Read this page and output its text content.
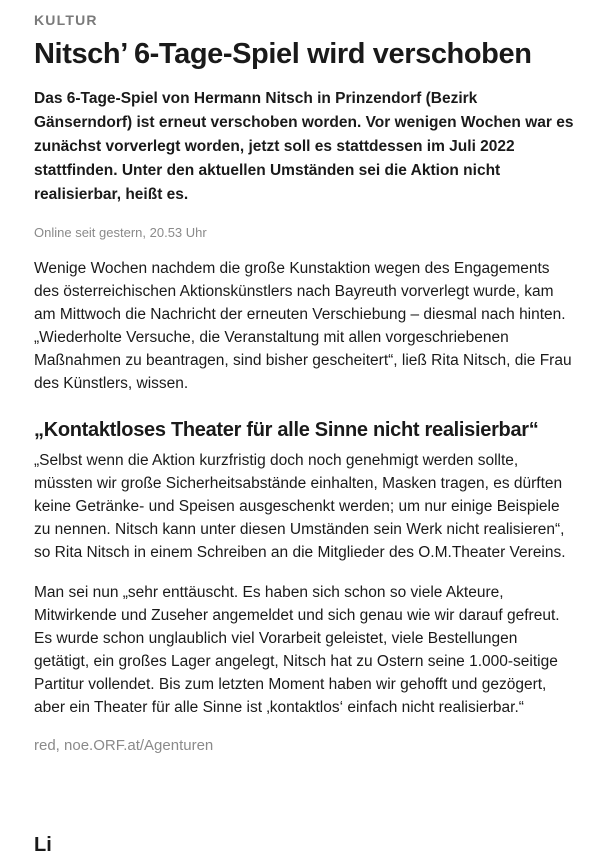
KULTUR
Nitsch’ 6-Tage-Spiel wird verschoben

Das 6-Tage-Spiel von Hermann Nitsch in Prinzendorf (Bezirk Gänserndorf) ist erneut verschoben worden. Vor wenigen Wochen war es zunächst vorverlegt worden, jetzt soll es stattdessen im Juli 2022 stattfinden. Unter den aktuellen Umständen sei die Aktion nicht realisierbar, heißt es.

Online seit gestern, 20.53 Uhr

Wenige Wochen nachdem die große Kunstaktion wegen des Engagements des österreichischen Aktionskünstlers nach Bayreuth vorverlegt wurde, kam am Mittwoch die Nachricht der erneuten Verschiebung – diesmal nach hinten. „Wiederholte Versuche, die Veranstaltung mit allen vorgeschriebenen Maßnahmen zu beantragen, sind bisher gescheitert“, ließ Rita Nitsch, die Frau des Künstlers, wissen.

„Kontaktloses Theater für alle Sinne nicht realisierbar“

„Selbst wenn die Aktion kurzfristig doch noch genehmigt werden sollte, müssten wir große Sicherheitsabstände einhalten, Masken tragen, es dürften keine Getränke- und Speisen ausgeschenkt werden; um nur einige Beispiele zu nennen. Nitsch kann unter diesen Umständen sein Werk nicht realisieren“, so Rita Nitsch in einem Schreiben an die Mitglieder des O.M.Theater Vereins.

Man sei nun „sehr enttäuscht. Es haben sich schon so viele Akteure, Mitwirkende und Zuseher angemeldet und sich genau wie wir darauf gefreut. Es wurde schon unglaublich viel Vorarbeit geleistet, viele Bestellungen getätigt, ein großes Lager angelegt, Nitsch hat zu Ostern seine 1.000-seitige Partitur vollendet. Bis zum letzten Moment haben wir gehofft und gezögert, aber ein Theater für alle Sinne ist ‚kontaktlos‘ einfach nicht realisierbar.“

red, noe.ORF.at/Agenturen
Li
